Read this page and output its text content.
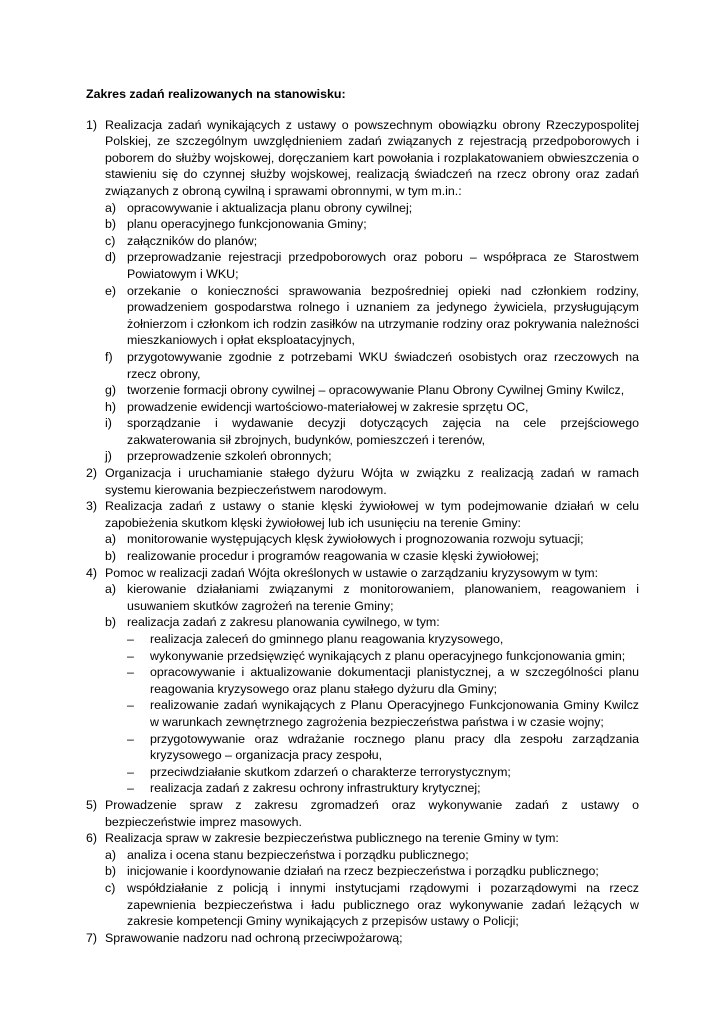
Zakres zadań realizowanych na stanowisku:
1) Realizacja zadań wynikających z ustawy o powszechnym obowiązku obrony Rzeczypospolitej Polskiej, ze szczególnym uwzględnieniem zadań związanych z rejestracją przedpoborowych i poborem do służby wojskowej, doręczaniem kart powołania i rozplakatowaniem obwieszczenia o stawieniu się do czynnej służby wojskowej, realizacją świadczeń na rzecz obrony oraz zadań związanych z obroną cywilną i sprawami obronnymi, w tym m.in.:
a) opracowywanie i aktualizacja planu obrony cywilnej;
b) planu operacyjnego funkcjonowania Gminy;
c) załączników do planów;
d) przeprowadzanie rejestracji przedpoborowych oraz poboru – współpraca ze Starostwem Powiatowym i WKU;
e) orzekanie o konieczności sprawowania bezpośredniej opieki nad członkiem rodziny, prowadzeniem gospodarstwa rolnego i uznaniem za jedynego żywiciela, przysługującym żołnierzom i członkom ich rodzin zasiłków na utrzymanie rodziny oraz pokrywania należności mieszkaniowych i opłat eksploatacyjnych,
f) przygotowywanie zgodnie z potrzebami WKU świadczeń osobistych oraz rzeczowych na rzecz obrony,
g) tworzenie formacji obrony cywilnej – opracowywanie Planu Obrony Cywilnej Gminy Kwilcz,
h) prowadzenie ewidencji wartościowo-materiałowej w zakresie sprzętu OC,
i) sporządzanie i wydawanie decyzji dotyczących zajęcia na cele przejściowego zakwaterowania sił zbrojnych, budynków, pomieszczeń i terenów,
j) przeprowadzenie szkoleń obronnych;
2) Organizacja i uruchamianie stałego dyżuru Wójta w związku z realizacją zadań w ramach systemu kierowania bezpieczeństwem narodowym.
3) Realizacja zadań z ustawy o stanie klęski żywiołowej w tym podejmowanie działań w celu zapobieżenia skutkom klęski żywiołowej lub ich usunięciu na terenie Gminy:
a) monitorowanie występujących klęsk żywiołowych i prognozowania rozwoju sytuacji;
b) realizowanie procedur i programów reagowania w czasie klęski żywiołowej;
4) Pomoc w realizacji zadań Wójta określonych w ustawie o zarządzaniu kryzysowym w tym:
a) kierowanie działaniami związanymi z monitorowaniem, planowaniem, reagowaniem i usuwaniem skutków zagrożeń na terenie Gminy;
b) realizacja zadań z zakresu planowania cywilnego, w tym:
– realizacja zaleceń do gminnego planu reagowania kryzysowego,
– wykonywanie przedsięwzięć wynikających z planu operacyjnego funkcjonowania gmin;
– opracowywanie i aktualizowanie dokumentacji planistycznej, a w szczególności planu reagowania kryzysowego oraz planu stałego dyżuru dla Gminy;
– realizowanie zadań wynikających z Planu Operacyjnego Funkcjonowania Gminy Kwilcz w warunkach zewnętrznego zagrożenia bezpieczeństwa państwa i w czasie wojny;
– przygotowywanie oraz wdrażanie rocznego planu pracy dla zespołu zarządzania kryzysowego – organizacja pracy zespołu,
– przeciwdziałanie skutkom zdarzeń o charakterze terrorystycznym;
– realizacja zadań z zakresu ochrony infrastruktury krytycznej;
5) Prowadzenie spraw z zakresu zgromadzeń oraz wykonywanie zadań z ustawy o bezpieczeństwie imprez masowych.
6) Realizacja spraw w zakresie bezpieczeństwa publicznego na terenie Gminy w tym:
a) analiza i ocena stanu bezpieczeństwa i porządku publicznego;
b) inicjowanie i koordynowanie działań na rzecz bezpieczeństwa i porządku publicznego;
c) współdziałanie z policją i innymi instytucjami rządowymi i pozarządowymi na rzecz zapewnienia bezpieczeństwa i ładu publicznego oraz wykonywanie zadań leżących w zakresie kompetencji Gminy wynikających z przepisów ustawy o Policji;
7) Sprawowanie nadzoru nad ochroną przeciwpożarową;
